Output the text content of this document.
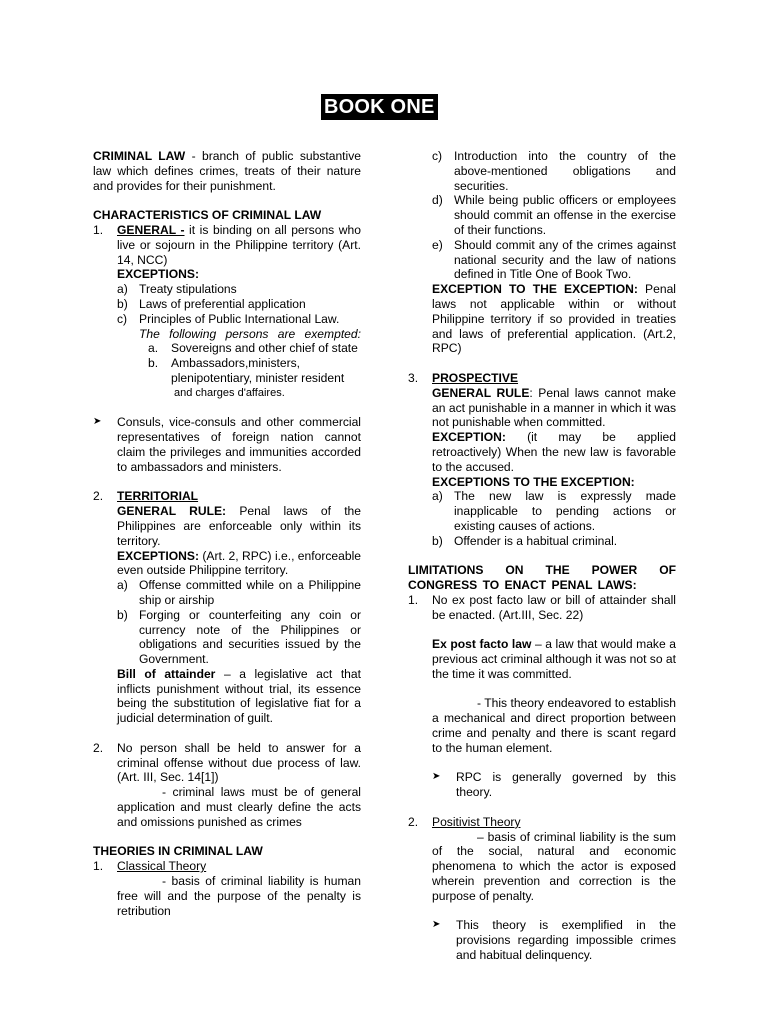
BOOK ONE

CRIMINAL LAW - branch of public substantive law which defines crimes, treats of their nature and provides for their punishment.

CHARACTERISTICS OF CRIMINAL LAW

1.	GENERAL - it is binding on all persons who live or sojourn in the Philippine territory (Art. 14, NCC)

EXCEPTIONS:

a) Treaty stipulations
b) Laws of preferential application
c) Principles of Public International Law.

The following persons are exempted:

a.	Sovereigns and other chief of state
b.	Ambassadors,ministers, plenipotentiary, minister resident

and charges d'affaires.

➤	Consuls, vice-consuls and other commercial representatives of foreign nation cannot claim the privileges and immunities accorded to ambassadors and ministers.
2.	TERRITORIAL

GENERAL RULE: Penal laws of the Philippines are enforceable only within its territory.

EXCEPTIONS: (Art. 2, RPC) i.e., enforceable even outside Philippine territory.

a) Offense committed while on a Philippine ship or airship
b) Forging or counterfeiting any coin or currency note of the Philippines or obligations and securities issued by the Government.

Bill of attainder – a legislative act that inflicts punishment without trial, its essence being the substitution of legislative fiat for a judicial determination of guilt.

2.	No person shall be held to answer for a criminal offense without due process of law. (Art. III, Sec. 14[1])

- criminal laws must be of general application and must clearly define the acts and omissions punished as crimes

THEORIES IN CRIMINAL LAW

1.	Classical Theory

- basis of criminal liability is human free will and the purpose of the penalty is retribution

c) Introduction into the country of the above-mentioned obligations and securities.
d) While being public officers or employees should commit an offense in the exercise of their functions.
e) Should commit any of the crimes against national security and the law of nations defined in Title One of Book Two.

EXCEPTION TO THE EXCEPTION: Penal laws not applicable within or without Philippine territory if so provided in treaties and laws of preferential application. (Art.2, RPC)

3.	PROSPECTIVE

GENERAL RULE: Penal laws cannot make an act punishable in a manner in which it was not punishable when committed.

EXCEPTION: (it may be applied retroactively) When the new law is favorable to the accused.

EXCEPTIONS TO THE EXCEPTION:

a) The new law is expressly made inapplicable to pending actions or existing causes of actions.
b) Offender is a habitual criminal.

LIMITATIONS ON THE POWER OF CONGRESS TO ENACT PENAL LAWS:

1.	No ex post facto law or bill of attainder shall be enacted. (Art.III, Sec. 22)

Ex post facto law – a law that would make a previous act criminal although it was not so at the time it was committed.

- This theory endeavored to establish a mechanical and direct proportion between crime and penalty and there is scant regard to the human element.

➤	RPC is generally governed by this theory.
2.	Positivist Theory

– basis of criminal liability is the sum of the social, natural and economic phenomena to which the actor is exposed wherein prevention and correction is the purpose of penalty.

➤	This theory is exemplified in the provisions regarding impossible crimes and habitual delinquency.
